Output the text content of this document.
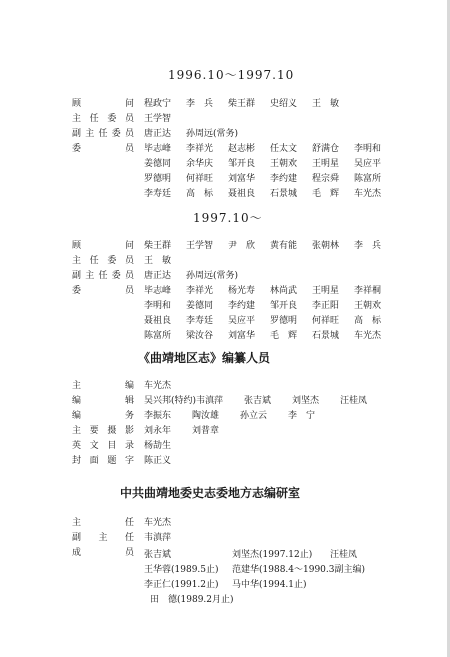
1996.10～1997.10
顾　　问 程政宁 李　兵 柴王群 史绍义 王　敏
主任委员 王学智
副主任委员 唐正达 孙周远(常务)
委　　员 毕志峰 李祥光 赵志彬 任太文 舒满仓 李明和
姜德同 余华庆 邹开良 王朝欢 王明星 吴应平
罗德明 何祥旺 刘富华 李约建 程宗舜 陈富所
李寿廷 高　标 聂祖良 石景城 毛　辉 车光杰
1997.10～
顾　　问 柴王群 王学智 尹　欣 黄有能 张朝林 李　兵
主任委员 王　敏
副主任委员 唐正达 孙周远(常务)
委　　员 毕志峰 李祥光 杨光寿 林尚武 王明星 李祥桐
李明和 姜德同 李约建 邹开良 李正阳 王朝欢
聂祖良 李寿廷 吴应平 罗德明 何祥旺 高　标
陈富所 梁汝谷 刘富华 毛　辉 石景城 车光杰
《曲靖地区志》编纂人员
主　　编 车光杰
编　　辑 吴兴邦(特约)韦滇萍 张吉斌 刘坚杰 汪桂凤
编　　务 李振东 陶汝雄 孙立云 李　宁
主要摄影 刘永年 刘普章
英文目录 杨劼生
封面题字 陈正义
中共曲靖地委史志委地方志编研室
主　　任 车光杰
副　主　任 韦滇萍
成　　员 张吉斌	刘坚杰(1997.12止) 汪桂凤
王华蓉(1989.5止) 范建华(1988.4～1990.3副主编)
李正仁(1991.2止) 马中华(1994.1止)
田　德(1989.2月止)
